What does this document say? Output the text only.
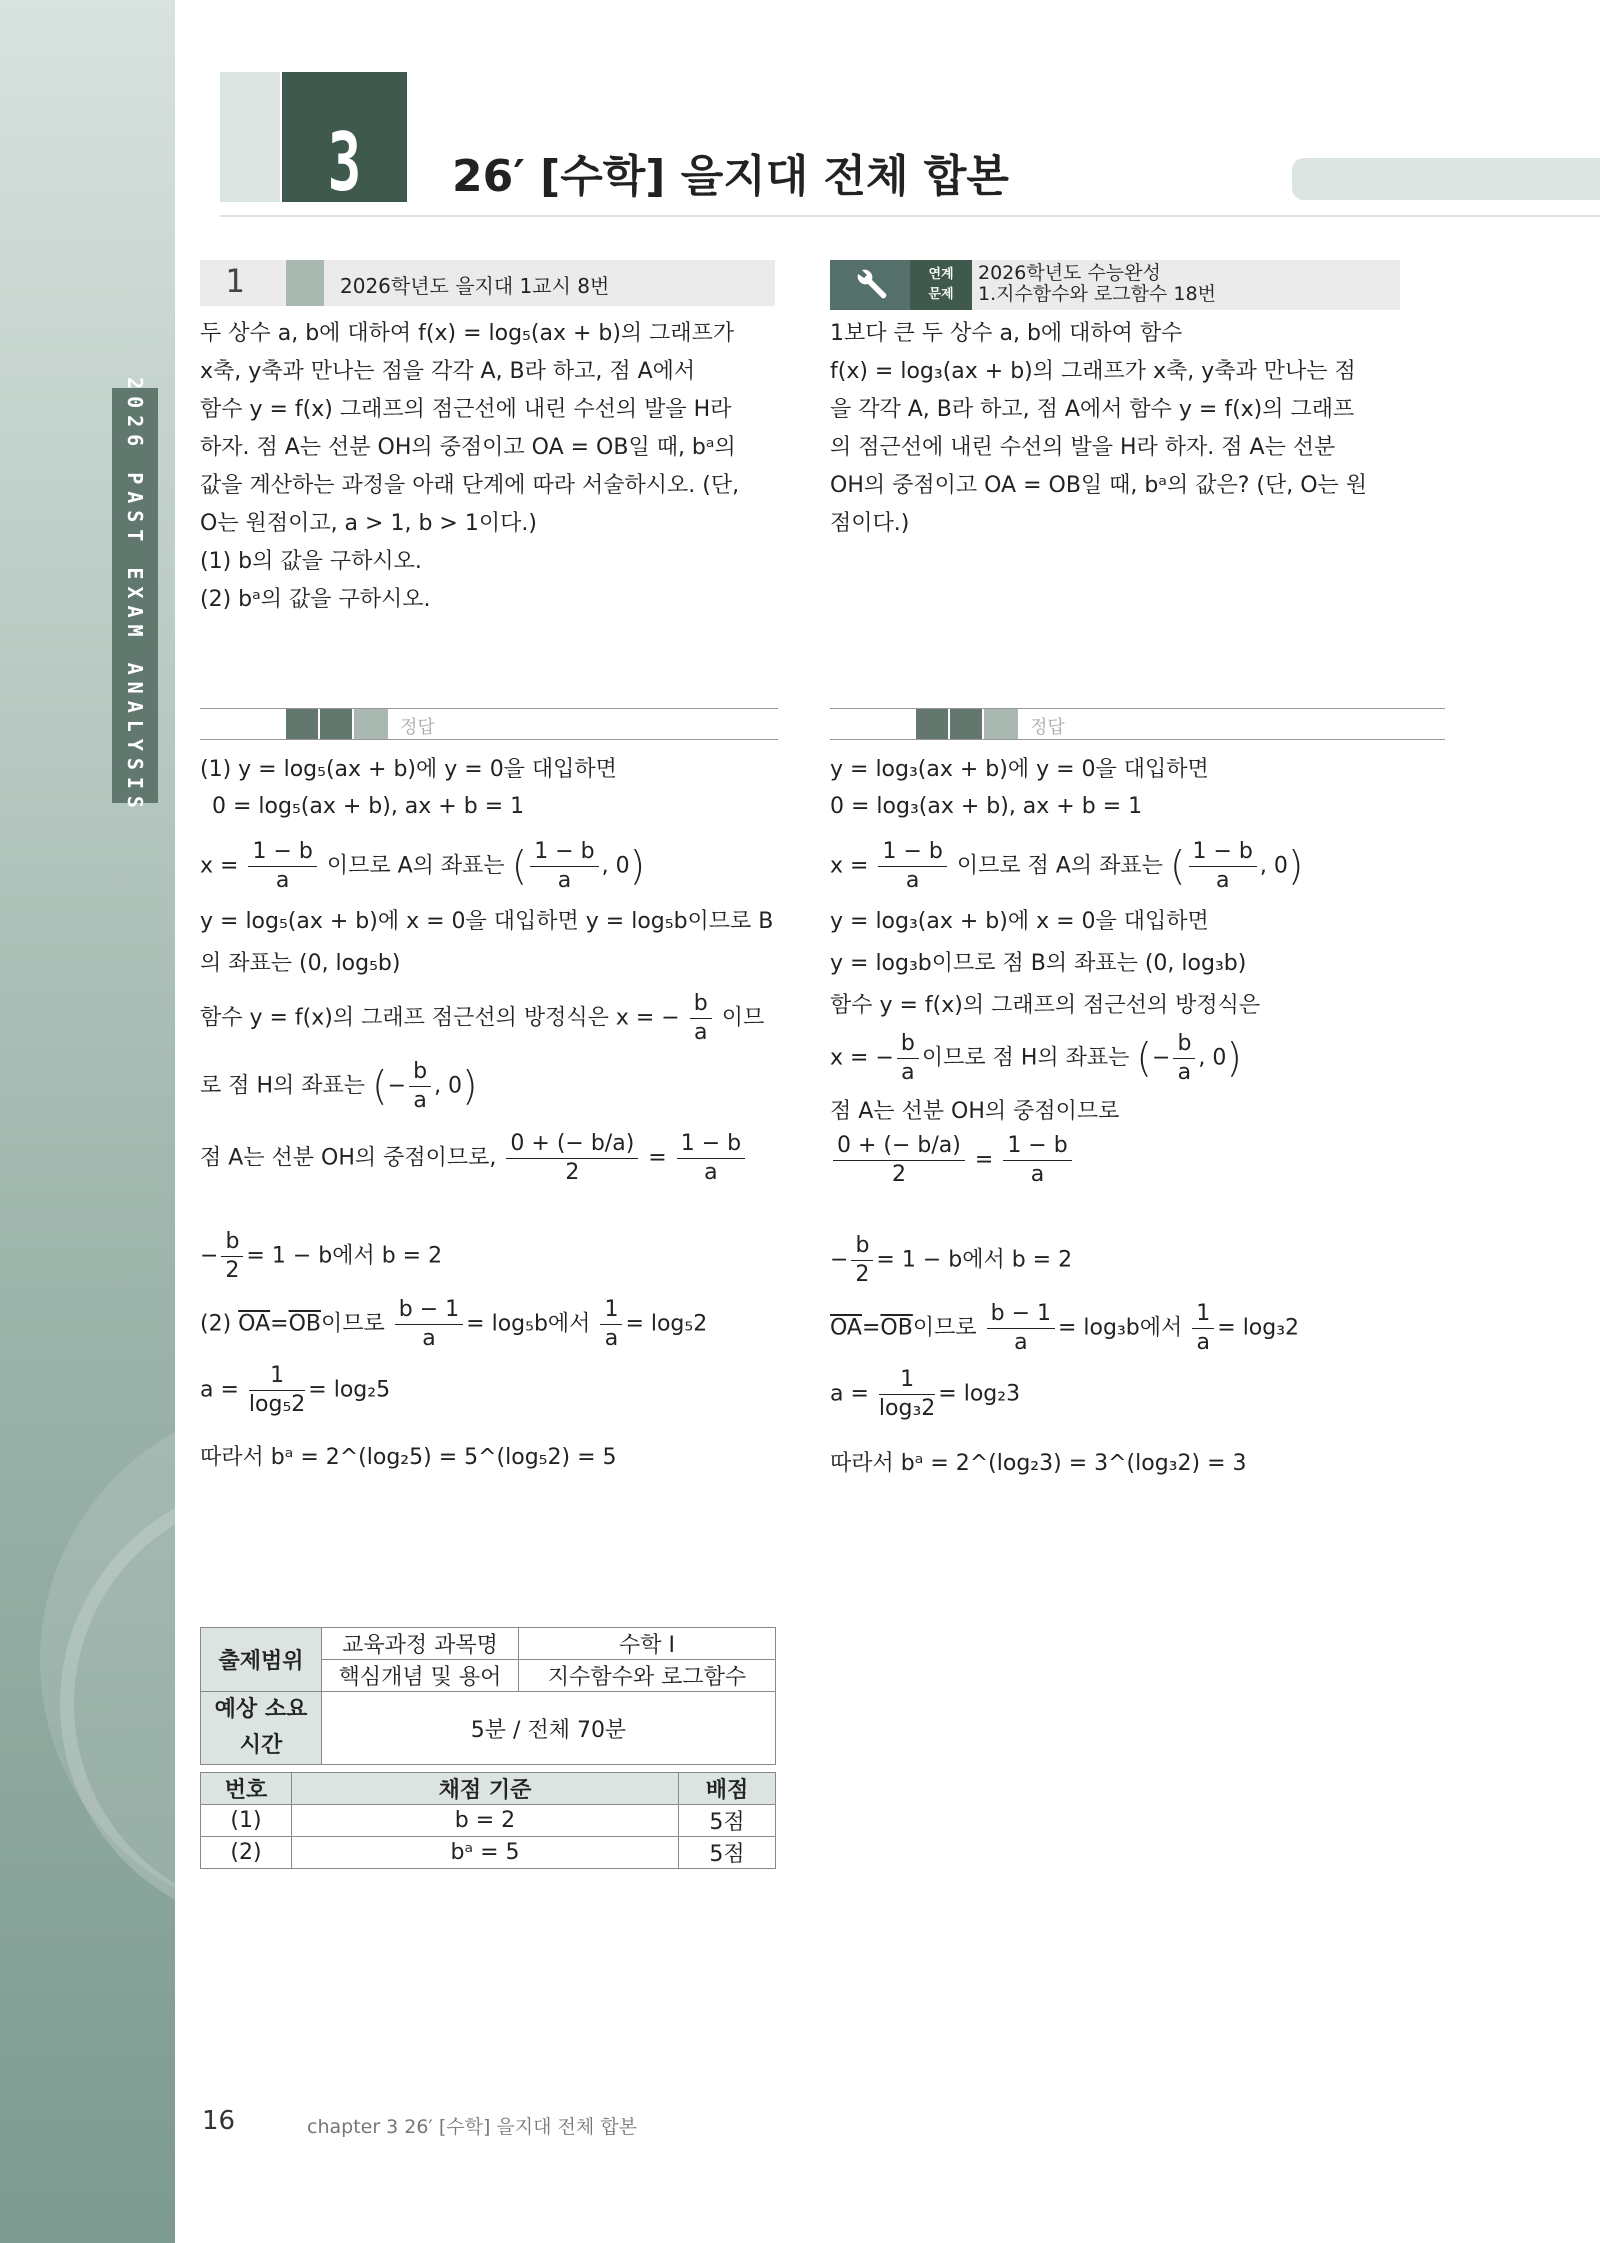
2026 PAST EXAM ANALYSIS
3	26′ [수학] 을지대 전체 합본
1	2026학년도 을지대 1교시 8번	연계
문제
2026학년도 수능완성
1.지수함수와 로그함수 18번
두 상수 a, b에 대하여 f(x) = log₅(ax + b)의 그래프가
x축, y축과 만나는 점을 각각 A, B라 하고, 점 A에서
함수 y = f(x) 그래프의 점근선에 내린 수선의 발을 H라
하자. 점 A는 선분 OH의 중점이고 OA = OB일 때, bᵃ의
값을 계산하는 과정을 아래 단계에 따라 서술하시오. (단,
O는 원점이고, a > 1, b > 1이다.)
(1) b의 값을 구하시오.
(2) bᵃ의 값을 구하시오.
1보다 큰 두 상수 a, b에 대하여 함수
f(x) = log₃(ax + b)의 그래프가 x축, y축과 만나는 점
을 각각 A, B라 하고, 점 A에서 함수 y = f(x)의 그래프
의 점근선에 내린 수선의 발을 H라 하자. 점 A는 선분
OH의 중점이고 OA = OB일 때, bᵃ의 값은? (단, O는 원
점이다.)
정답	정답
(1) y = log₅(ax + b)에 y = 0을 대입하면
0 = log₅(ax + b), ax + b = 1
$x = \frac{1 - b}{a}$ 이므로 A의 좌표는 ( $\frac{1 - b}{a}$ , 0)
y = log₅(ax + b)에 x = 0을 대입하면 y = log₅b이므로 B
의 좌표는 (0, log₅b)
함수 y = f(x)의 그래프 점근선의 방정식은 x = − $\frac{b}{a}$ 이므
로 점 H의 좌표는 (− $\frac{b}{a}$ , 0)
점 A는 선분 OH의 중점이므로, $\frac{0 + (- b/a)}{2} = \frac{1 - b}{a}$
− $\frac{b}{2} = 1 - b$에서 b = 2
(2) $\overline{OA}=\overline{OB}$이므로 $\frac{b - 1}{a} = \log_5b$에서 $\frac{1}{a} = \log_52$
$a = \frac{1}{\text{log₅2}} = \log_25$
따라서 bᵃ = 2^(log₂5) = 5^(log₅2) = 5
y = log₃(ax + b)에 y = 0을 대입하면
0 = log₃(ax + b), ax + b = 1
$x = \frac{1 - b}{a}$ 이므로 점 A의 좌표는 ( $\frac{1 - b}{a}$ , 0)
y = log₃(ax + b)에 x = 0을 대입하면
y = log₃b이므로 점 B의 좌표는 (0, log₃b)
함수 y = f(x)의 그래프의 점근선의 방정식은
x = − $\frac{b}{a}$ 이므로 점 H의 좌표는 (− $\frac{b}{a}$ , 0)
점 A는 선분 OH의 중점이므로
$\frac{0 + (- b/a)}{2} = \frac{1 - b}{a}$
− $\frac{b}{2} = 1 - b$에서 b = 2
$\overline{OA}=\overline{OB}$이므로 $\frac{b - 1}{a} = \log_3b$에서 $\frac{1}{a} = \log_32$
$a = \frac{1}{\text{log₃2}} = \log_23$
따라서 bᵃ = 2^(log₂3) = 3^(log₃2) = 3
출제범위	교육과정 과목명	수학 I
	핵심개념 및 용어	지수함수와 로그함수

예상 소요
시간	5분 / 전체 70분	
번호	채점 기준	배점
(1)	b = 2	5점
(2)	bᵃ = 5	5점
16	chapter 3 26′ [수학] 을지대 전체 합본
